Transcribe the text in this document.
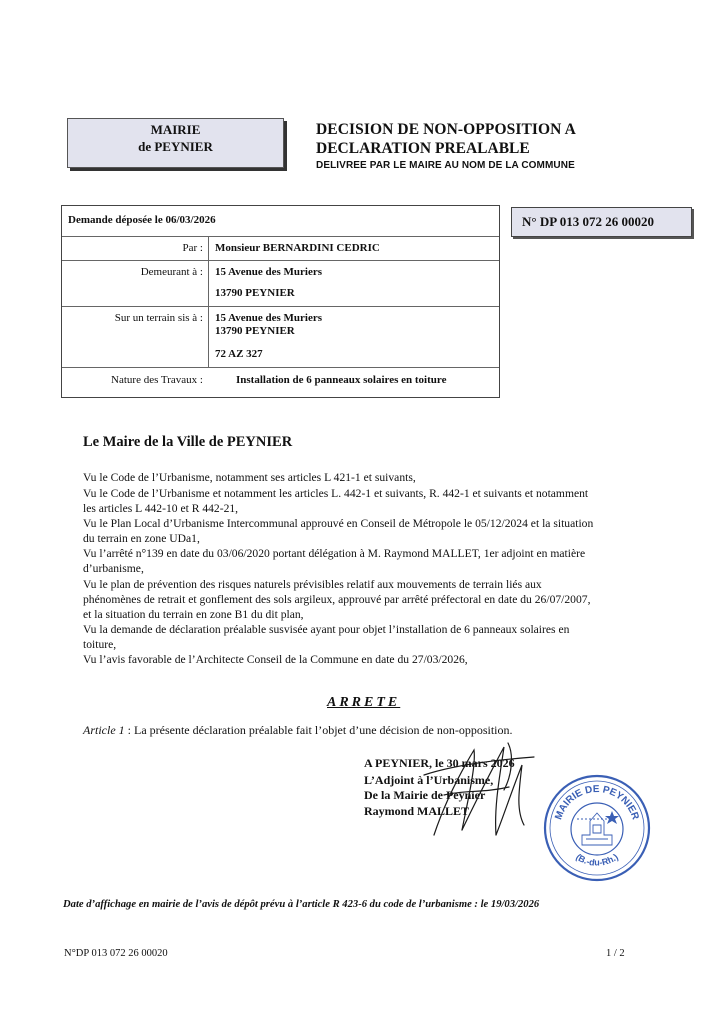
MAIRIE
de PEYNIER
DECISION DE NON-OPPOSITION A
DECLARATION PREALABLE
DELIVREE PAR LE MAIRE AU NOM DE LA COMMUNE
Demande déposée le 06/03/2026
Par : Monsieur BERNARDINI CEDRIC
Demeurant à : 15 Avenue des Muriers
13790 PEYNIER
Sur un terrain sis à : 15 Avenue des Muriers
13790 PEYNIER
72 AZ 327
Nature des Travaux :	Installation de 6 panneaux solaires en toiture
N° DP 013 072 26 00020
Le Maire de la Ville de PEYNIER
Vu le Code de l’Urbanisme, notamment ses articles L 421-1 et suivants,
Vu le Code de l’Urbanisme et notamment les articles L. 442-1 et suivants, R. 442-1 et suivants et notamment
les articles L 442-10 et R 442-21,
Vu le Plan Local d’Urbanisme Intercommunal approuvé en Conseil de Métropole le 05/12/2024 et la situation
du terrain en zone UDa1,
Vu l’arrêté n°139 en date du 03/06/2020 portant délégation à M. Raymond MALLET, 1er adjoint en matière
d’urbanisme,
Vu le plan de prévention des risques naturels prévisibles relatif aux mouvements de terrain liés aux
phénomènes de retrait et gonflement des sols argileux, approuvé par arrêté préfectoral en date du 26/07/2007,
et la situation du terrain en zone B1 du dit plan,
Vu la demande de déclaration préalable susvisée ayant pour objet l’installation de 6 panneaux solaires en
toiture,
Vu l’avis favorable de l’Architecte Conseil de la Commune en date du 27/03/2026,
ARRETE
Article 1 : La présente déclaration préalable fait l’objet d’une décision de non-opposition.
A PEYNIER, le 30 mars 2026
L’Adjoint à l’Urbanisme,
De la Mairie de Peynier
Raymond MALLET	MAIRIE DE PEYNIER
(B.-du-Rh.)
Date d’affichage en mairie de l’avis de dépôt prévu à l’article R 423-6 du code de l’urbanisme : le 19/03/2026
N°DP 013 072 26 00020	1 / 2
